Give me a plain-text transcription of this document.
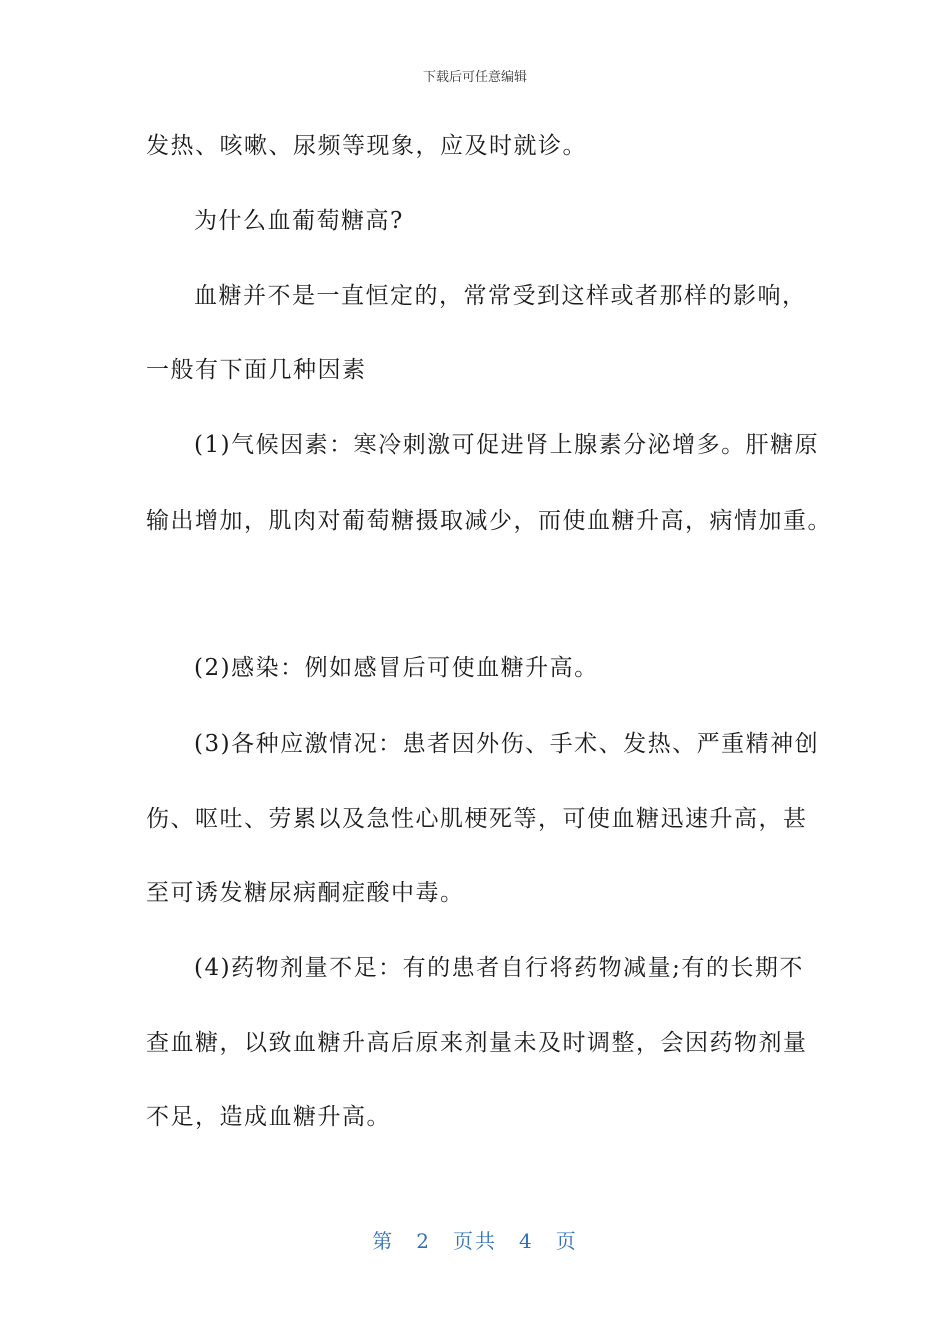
下载后可任意编辑
发热、咳嗽、尿频等现象，应及时就诊。
为什么血葡萄糖高?
血糖并不是一直恒定的，常常受到这样或者那样的影响，
一般有下面几种因素
(1)气候因素：寒冷刺激可促进肾上腺素分泌增多。肝糖原
输出增加，肌肉对葡萄糖摄取减少，而使血糖升高，病情加重。
(2)感染：例如感冒后可使血糖升高。
(3)各种应激情况：患者因外伤、手术、发热、严重精神创
伤、呕吐、劳累以及急性心肌梗死等，可使血糖迅速升高，甚
至可诱发糖尿病酮症酸中毒。
(4)药物剂量不足：有的患者自行将药物减量;有的长期不
查血糖，以致血糖升高后原来剂量未及时调整，会因药物剂量
不足，造成血糖升高。
第 2 页共 4 页
